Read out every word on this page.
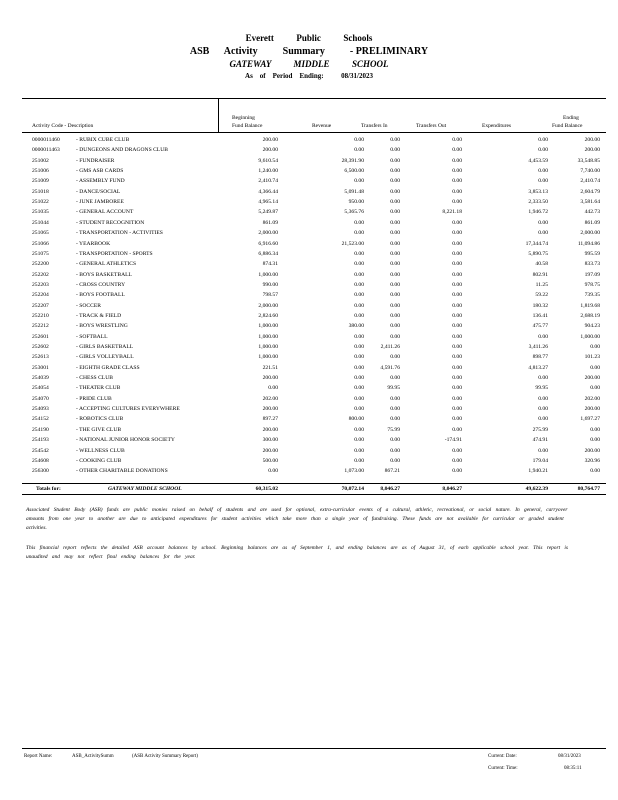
Everett          Public          Schools
ASB      Activity          Summary          - PRELIMINARY
GATEWAY          MIDDLE          SCHOOL
As    of    Period    Ending:          08/31/2023
Activity Code - Description
Beginning
Fund Balance	Revenue	Transfers In	Transfers Out	Expenditures
Ending
Fund Balance
0000011460	- RUBIX CUBE CLUB	200.00	0.00	0.00	0.00	0.00	200.00
0000011463	- DUNGEONS AND DRAGONS CLUB	200.00	0.00	0.00	0.00	0.00	200.00
251002	- FUNDRAISER	9,610.54	28,391.90	0.00	0.00	4,453.59	33,548.85
251006	- GMS ASB CARDS	1,240.00	6,500.00	0.00	0.00	0.00	7,740.00
251009	- ASSEMBLY FUND	2,410.74	0.00	0.00	0.00	0.00	2,410.74
251018	- DANCE/SOCIAL	4,366.44	5,091.48	0.00	0.00	3,853.13	2,604.79
251022	- JUNE JAMBOREE	4,965.14	950.00	0.00	0.00	2,333.50	3,581.64
251035	- GENERAL ACCOUNT	5,249.87	5,365.76	0.00	8,221.18	1,946.72	442.73
251044	- STUDENT RECOGNITION	861.09	0.00	0.00	0.00	0.00	861.09
251065	- TRANSPORTATION - ACTIVITIES	2,000.00	0.00	0.00	0.00	0.00	2,000.00
251066	- YEARBOOK	6,916.60	21,523.00	0.00	0.00	17,344.74	11,094.86
251075	- TRANSPORTATION - SPORTS	6,886.34	0.00	0.00	0.00	5,890.75	995.59
252200	- GENERAL ATHLETICS	874.31	0.00	0.00	0.00	40.58	833.73
252202	- BOYS BASKETBALL	1,000.00	0.00	0.00	0.00	802.91	197.09
252203	- CROSS COUNTRY	990.00	0.00	0.00	0.00	11.25	978.75
252204	- BOYS FOOTBALL	798.57	0.00	0.00	0.00	59.22	739.35
252207	- SOCCER	2,000.00	0.00	0.00	0.00	180.32	1,819.68
252210	- TRACK & FIELD	2,824.60	0.00	0.00	0.00	136.41	2,688.19
252212	- BOYS WRESTLING	1,000.00	380.00	0.00	0.00	475.77	904.23
252601	- SOFTBALL	1,000.00	0.00	0.00	0.00	0.00	1,000.00
252602	- GIRLS BASKETBALL	1,000.00	0.00	2,411.26	0.00	3,411.26	0.00
252613	- GIRLS VOLLEYBALL	1,000.00	0.00	0.00	0.00	898.77	101.23
253001	- EIGHTH GRADE CLASS	221.51	0.00	4,591.76	0.00	4,813.27	0.00
254039	- CHESS CLUB	200.00	0.00	0.00	0.00	0.00	200.00
254054	- THEATER CLUB	0.00	0.00	99.95	0.00	99.95	0.00
254070	- PRIDE CLUB	202.00	0.00	0.00	0.00	0.00	202.00
254093	- ACCEPTING CULTURES EVERYWHERE	200.00	0.00	0.00	0.00	0.00	200.00
254152	- ROBOTICS CLUB	897.27	800.00	0.00	0.00	0.00	1,697.27
254190	- THE GIVE CLUB	200.00	0.00	75.99	0.00	275.99	0.00
254193	- NATIONAL JUNIOR HONOR SOCIETY	300.00	0.00	0.00	-174.91	474.91	0.00
254542	- WELLNESS CLUB	200.00	0.00	0.00	0.00	0.00	200.00
254608	- COOKING CLUB	500.00	0.00	0.00	0.00	179.04	320.96
256300	- OTHER CHARITABLE DONATIONS	0.00	1,073.00	867.21	0.00	1,940.21	0.00
Totals for:	GATEWAY MIDDLE SCHOOL	60,315.02	70,072.14	8,046.27	8,046.27	49,622.39	80,764.77
Associated Student Body (ASB) funds are public monies raised on behalf of students and are used for optional, extra-curricular events of a cultural, athletic, recreational, or social nature. In general, carryover amounts from one year to another are due to anticipated expenditures for student activities which take more than a single year of fundraising. These funds are not available for curricular or graded student activities.
This financial report reflects the detailed ASB account balances by school. Beginning balances are as of September 1, and ending balances are as of August 31, of each applicable school year. This report is unaudited and may not reflect final ending balances for the year.
Report Name:	ASB_ActivitySumm	(ASB Activity Summary Report)	Current: Date:	08/31/2023
Current: Time:	08:35:11
